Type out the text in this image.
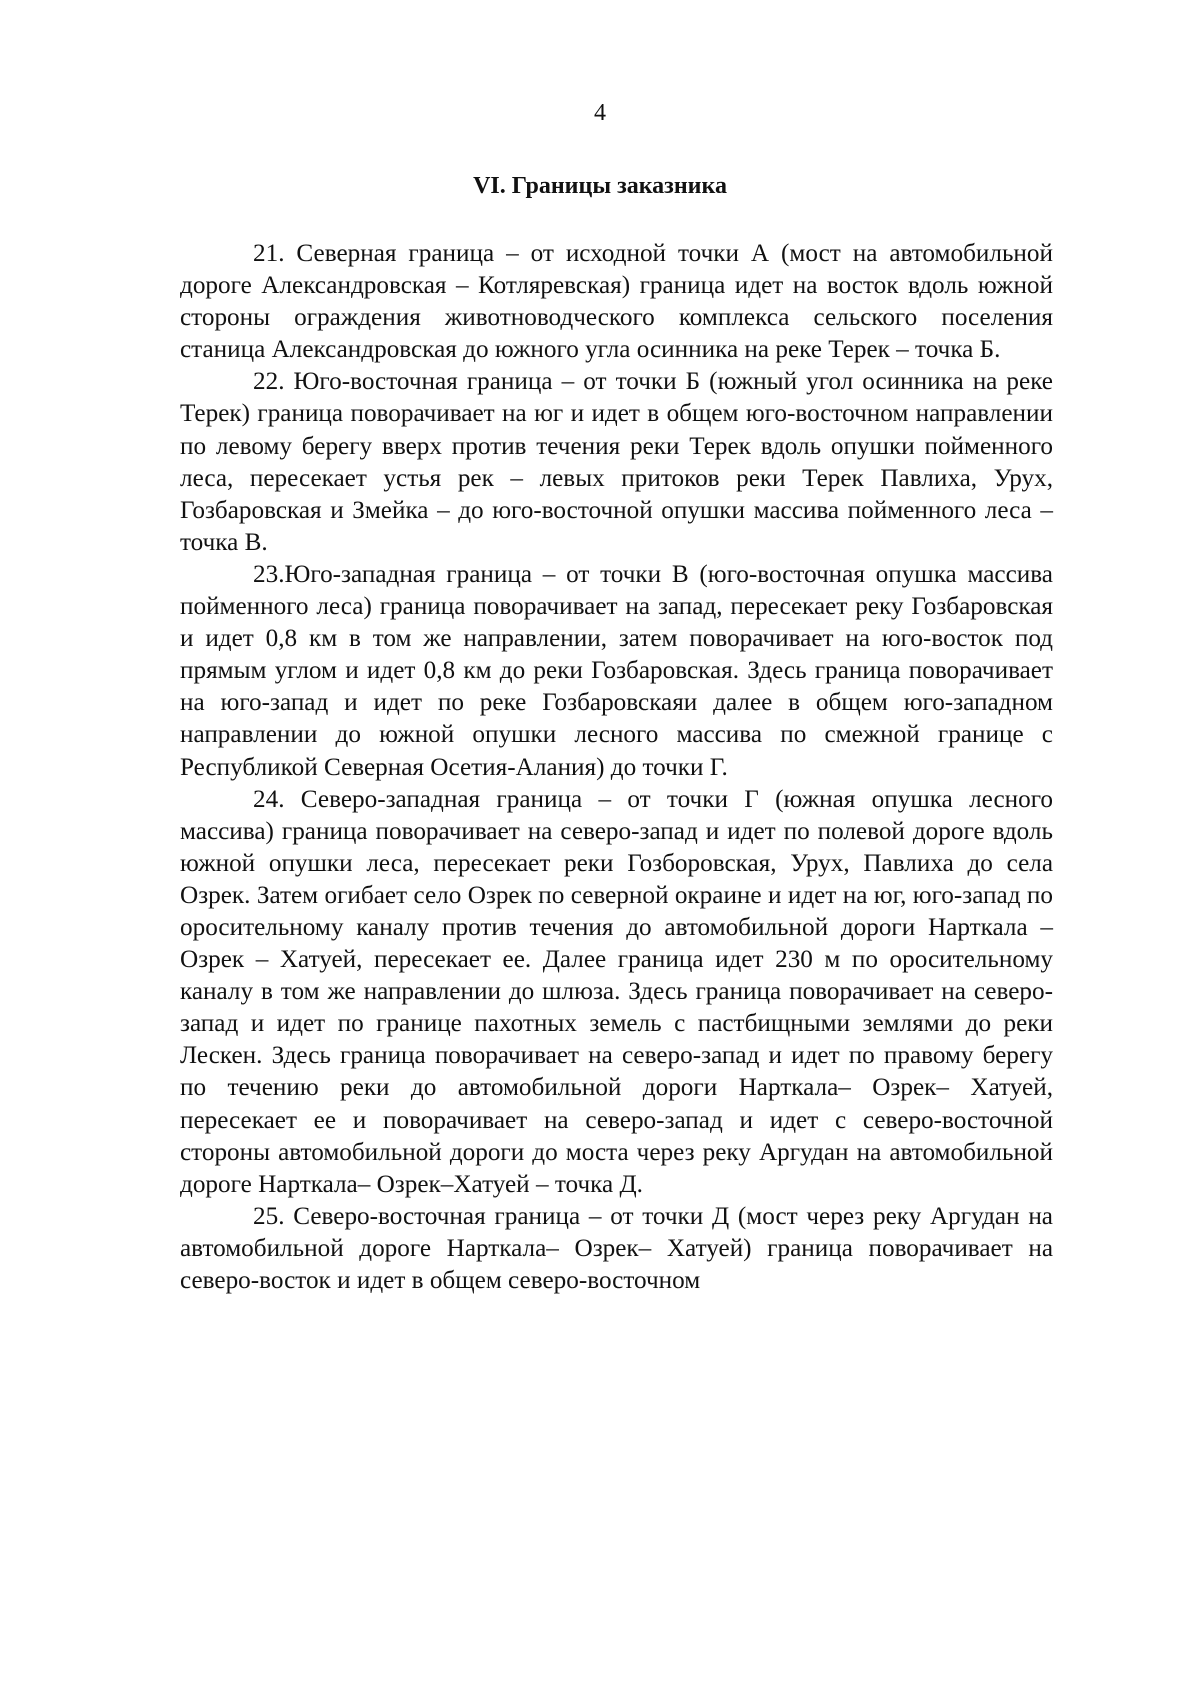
4
VI. Границы заказника

21. Северная граница – от исходной точки А (мост на автомобильной дороге Александровская – Котляревская) граница идет на восток вдоль южной стороны ограждения животноводческого комплекса сельского поселения станица Александровская до южного угла осинника на реке Терек – точка Б.

22. Юго-восточная граница – от точки Б (южный угол осинника на реке Терек) граница поворачивает на юг и идет в общем юго-восточном направлении по левому берегу вверх против течения реки Терек вдоль опушки пойменного леса, пересекает устья рек – левых притоков реки Терек Павлиха, Урух, Гозбаровская и Змейка – до юго-восточной опушки массива пойменного леса – точка В.

23.Юго-западная граница – от точки В (юго-восточная опушка массива пойменного леса) граница поворачивает на запад, пересекает реку Гозбаровская и идет 0,8 км в том же направлении, затем поворачивает на юго-восток под прямым углом и идет 0,8 км до реки Гозбаровская. Здесь граница поворачивает на юго-запад и идет по реке Гозбаровскаяи далее в общем юго-западном направлении до южной опушки лесного массива по смежной границе с Республикой Северная Осетия-Алания) до точки Г.

24. Северо-западная граница – от точки Г (южная опушка лесного массива) граница поворачивает на северо-запад и идет по полевой дороге вдоль южной опушки леса, пересекает реки Гозборовская, Урух, Павлиха до села Озрек. Затем огибает село Озрек по северной окраине и идет на юг, юго-запад по оросительному каналу против течения до автомобильной дороги Нарткала – Озрек – Хатуей, пересекает ее. Далее граница идет 230 м по оросительному каналу в том же направлении до шлюза. Здесь граница поворачивает на северо-запад и идет по границе пахотных земель с пастбищными землями до реки Лескен. Здесь граница поворачивает на северо-запад и идет по правому берегу по течению реки до автомобильной дороги Нарткала– Озрек– Хатуей, пересекает ее и поворачивает на северо-запад и идет с северо-восточной стороны автомобильной дороги до моста через реку Аргудан на автомобильной дороге Нарткала– Озрек–Хатуей – точка Д.

25. Северо-восточная граница – от точки Д (мост через реку Аргудан на автомобильной дороге Нарткала– Озрек– Хатуей) граница поворачивает на северо-восток и идет в общем северо-восточном
